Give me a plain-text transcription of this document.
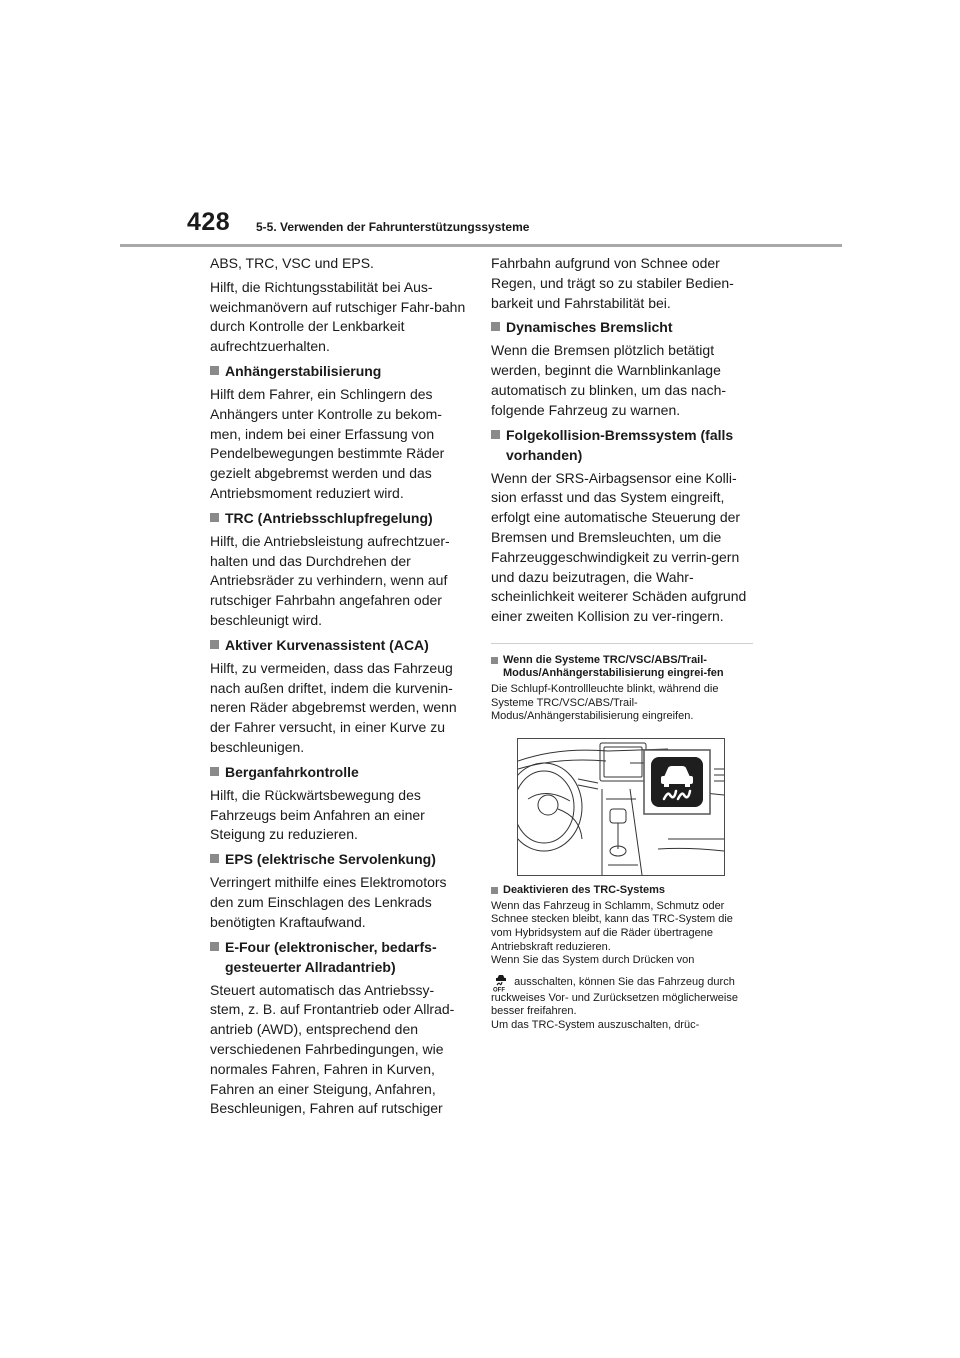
428 5-5. Verwenden der Fahrunterstützungssysteme

ABS, TRC, VSC und EPS.

Hilft, die Richtungsstabilität bei Aus-weichmanövern auf rutschiger Fahr-bahn durch Kontrolle der Lenkbarkeit aufrechtzuerhalten.

Anhängerstabilisierung

Hilft dem Fahrer, ein Schlingern des Anhängers unter Kontrolle zu bekom-men, indem bei einer Erfassung von Pendelbewegungen bestimmte Räder gezielt abgebremst werden und das Antriebsmoment reduziert wird.

TRC (Antriebsschlupfregelung)

Hilft, die Antriebsleistung aufrechtzuer-halten und das Durchdrehen der Antriebsräder zu verhindern, wenn auf rutschiger Fahrbahn angefahren oder beschleunigt wird.

Aktiver Kurvenassistent (ACA)

Hilft, zu vermeiden, dass das Fahrzeug nach außen driftet, indem die kurvenin-neren Räder abgebremst werden, wenn der Fahrer versucht, in einer Kurve zu beschleunigen.

Berganfahrkontrolle

Hilft, die Rückwärtsbewegung des Fahrzeugs beim Anfahren an einer Steigung zu reduzieren.

EPS (elektrische Servolenkung)

Verringert mithilfe eines Elektromotors den zum Einschlagen des Lenkrads benötigten Kraftaufwand.

E-Four (elektronischer, bedarfs-gesteuerter Allradantrieb)

Steuert automatisch das Antriebssy-stem, z. B. auf Frontantrieb oder Allrad-antrieb (AWD), entsprechend den verschiedenen Fahrbedingungen, wie normales Fahren, Fahren in Kurven, Fahren an einer Steigung, Anfahren, Beschleunigen, Fahren auf rutschiger

Fahrbahn aufgrund von Schnee oder Regen, und trägt so zu stabiler Bedien-barkeit und Fahrstabilität bei.

Dynamisches Bremslicht

Wenn die Bremsen plötzlich betätigt werden, beginnt die Warnblinkanlage automatisch zu blinken, um das nach-folgende Fahrzeug zu warnen.

Folgekollision-Bremssystem (falls vorhanden)

Wenn der SRS-Airbagsensor eine Kolli-sion erfasst und das System eingreift, erfolgt eine automatische Steuerung der Bremsen und Bremsleuchten, um die Fahrzeuggeschwindigkeit zu verrin-gern und dazu beizutragen, die Wahr-scheinlichkeit weiterer Schäden aufgrund einer zweiten Kollision zu ver-ringern.

Wenn die Systeme TRC/VSC/ABS/Trail-Modus/Anhängerstabilisierung eingrei-fen

Die Schlupf-Kontrollleuchte blinkt, während die Systeme TRC/VSC/ABS/Trail-Modus/Anhängerstabilisierung eingreifen.

Deaktivieren des TRC-Systems

Wenn das Fahrzeug in Schlamm, Schmutz oder Schnee stecken bleibt, kann das TRC-System die vom Hybridsystem auf die Räder übertragene Antriebskraft reduzieren.

Wenn Sie das System durch Drücken von

OFF
ausschalten, können Sie das Fahrzeug durch ruckweises Vor- und Zurücksetzen möglicherweise besser freifahren.

Um das TRC-System auszuschalten, drüc-
